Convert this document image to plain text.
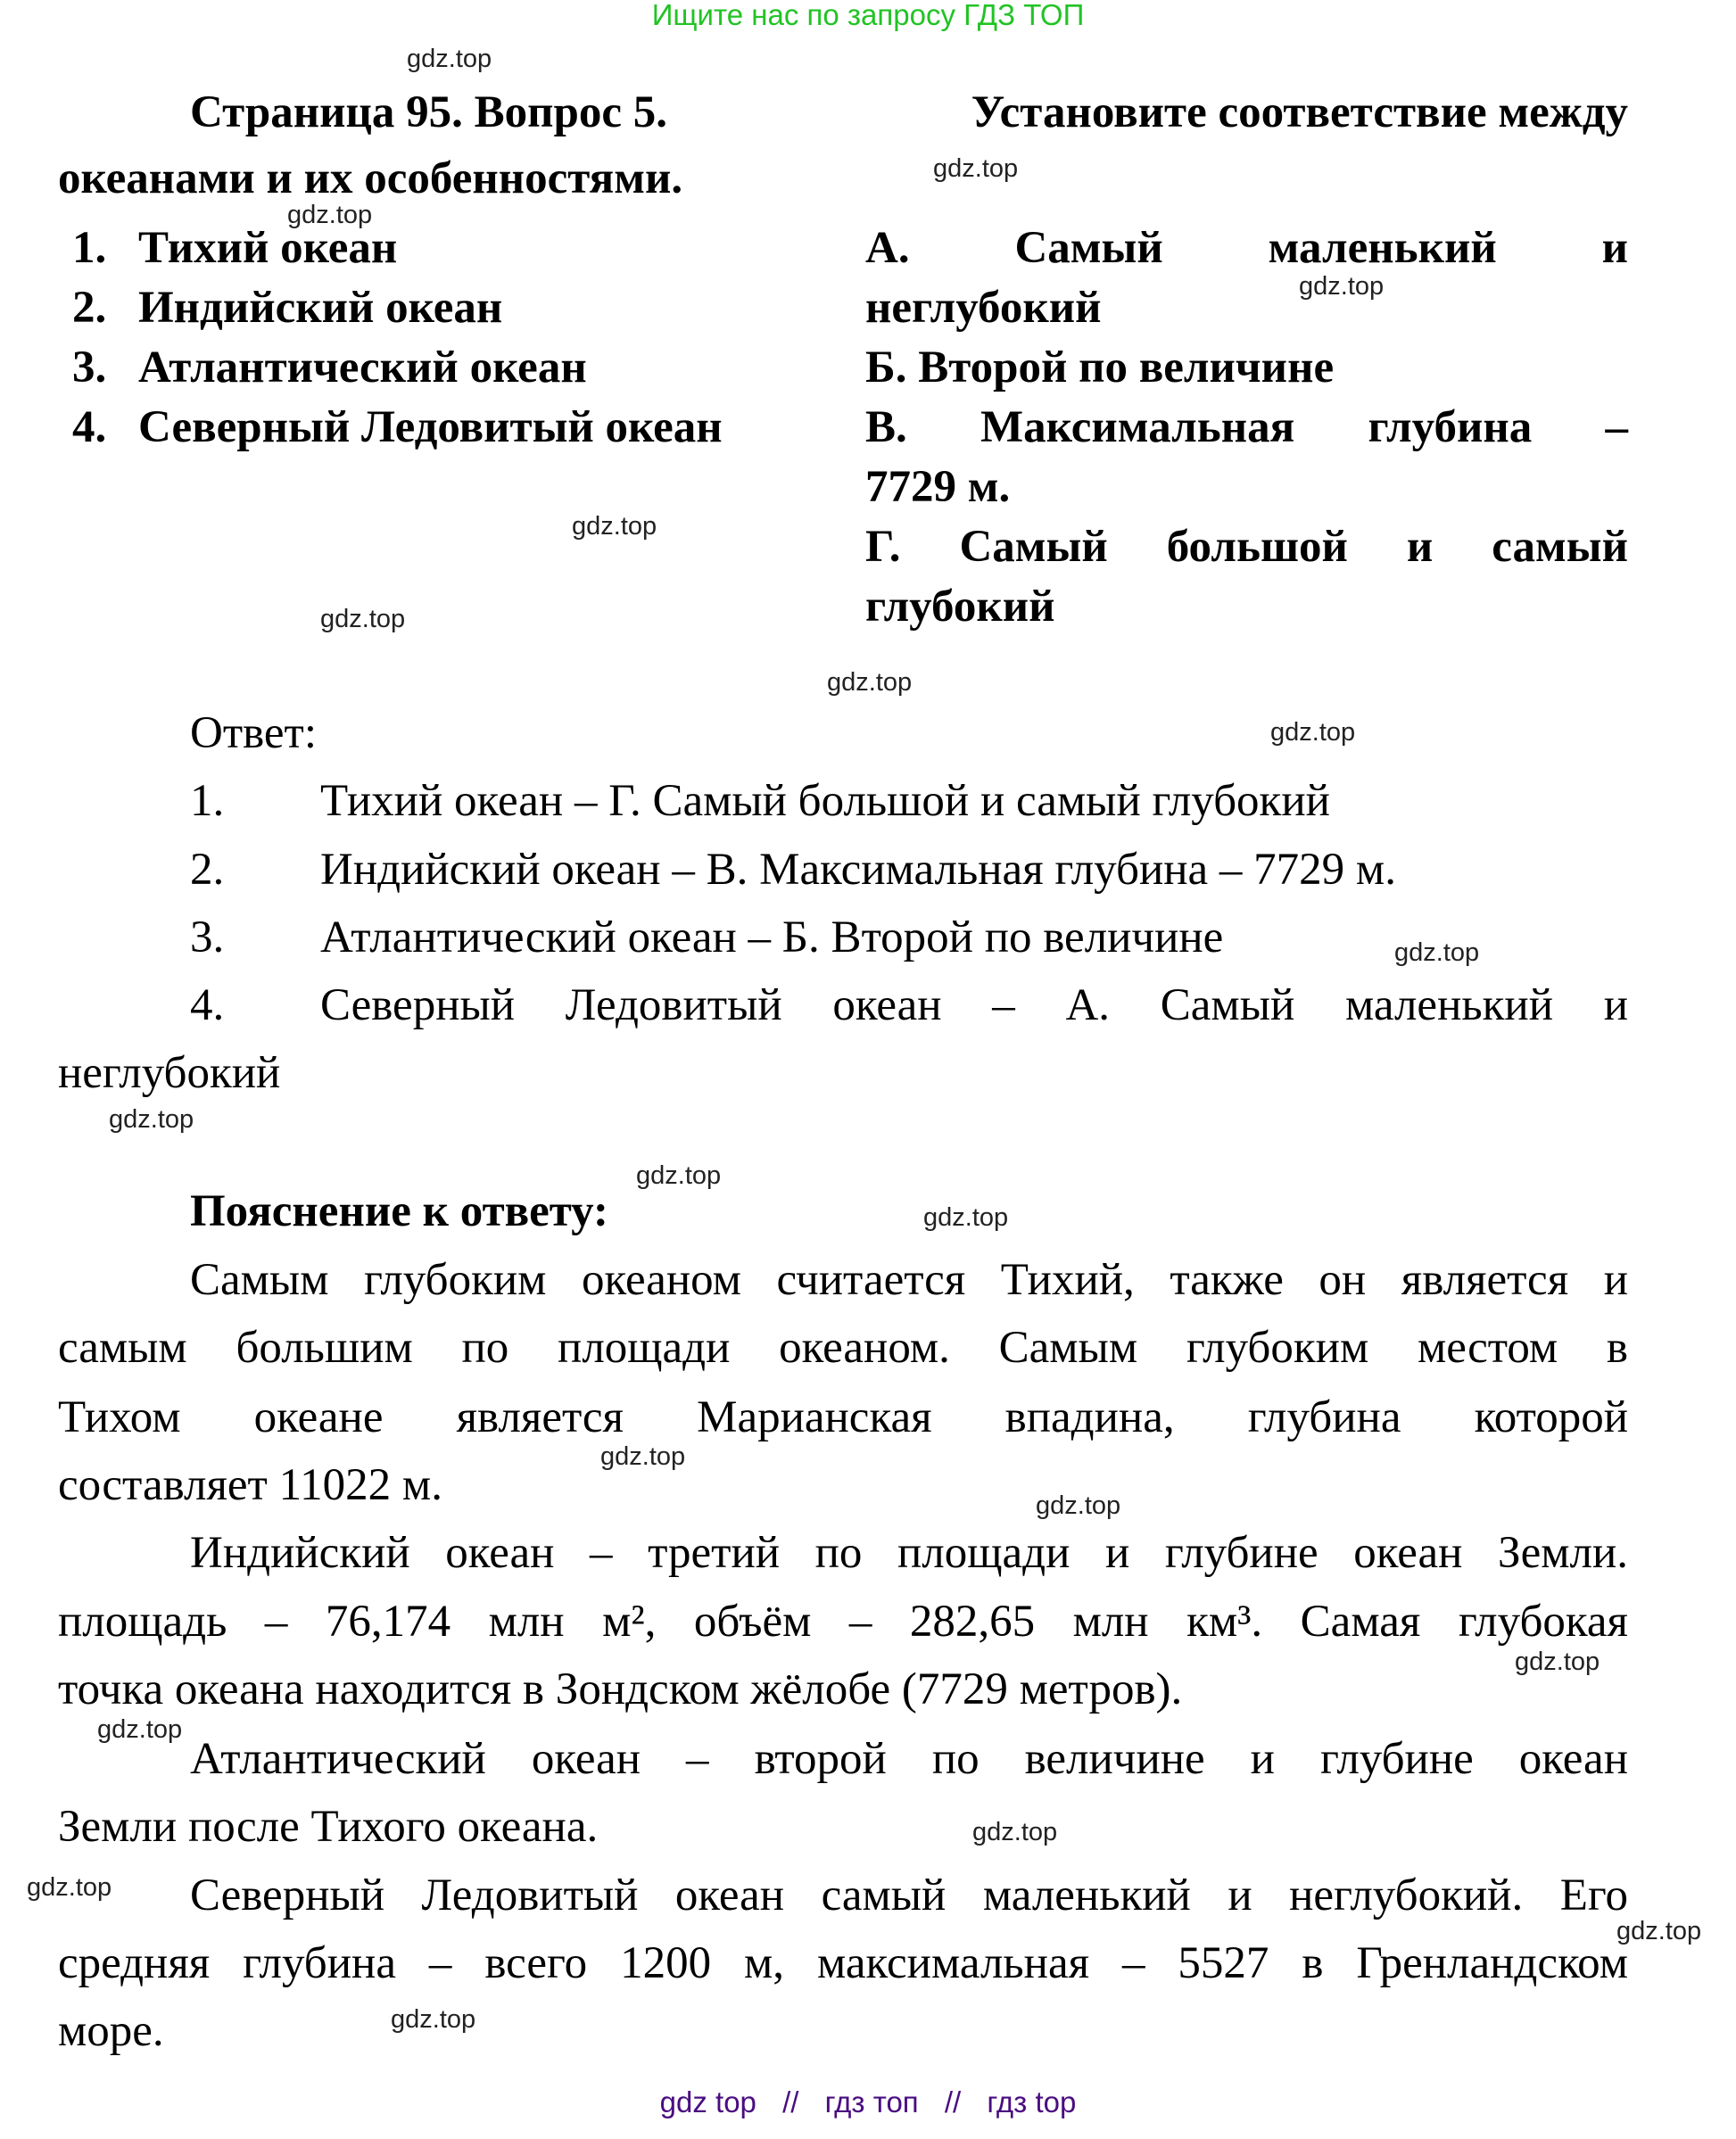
Ищите нас по запросу ГДЗ ТОП
Страница 95. Вопрос 5.	Установите соответствие между
океанами и их особенностями.
1. Тихий океан
2. Индийский океан
3. Атлантический океан
4. Северный Ледовитый океан
А. Самый маленький и
неглубокий
Б. Второй по величине
В. Максимальная глубина –
7729 м.
Г. Самый большой и самый
глубокий
Ответ:
1. Тихий океан – Г. Самый большой и самый глубокий
2. Индийский океан – В. Максимальная глубина – 7729 м.
3. Атлантический океан – Б. Второй по величине
4. Северный Ледовитый океан – А. Самый маленький и
неглубокий
Пояснение к ответу:
Самым глубоким океаном считается Тихий, также он является и
самым большим по площади океаном. Самым глубоким местом в
Тихом океане является Марианская впадина, глубина которой
составляет 11022 м.
Индийский океан – третий по площади и глубине океан Земли.
площадь – 76,174 млн м², объём – 282,65 млн км³. Самая глубокая
точка океана находится в Зондском жёлобе (7729 метров).
Атлантический океан – второй по величине и глубине океан
Земли после Тихого океана.
Северный Ледовитый океан самый маленький и неглубокий. Его
средняя глубина – всего 1200 м, максимальная – 5527 в Гренландском
море.
gdz.top
gdz.top
gdz.top
gdz.top
gdz.top
gdz.top
gdz.top
gdz.top
gdz.top
gdz.top
gdz.top
gdz.top
gdz.top
gdz.top
gdz.top
gdz.top
gdz.top
gdz.top
gdz.top
gdz.top
gdz top // гдз топ // гдз top
